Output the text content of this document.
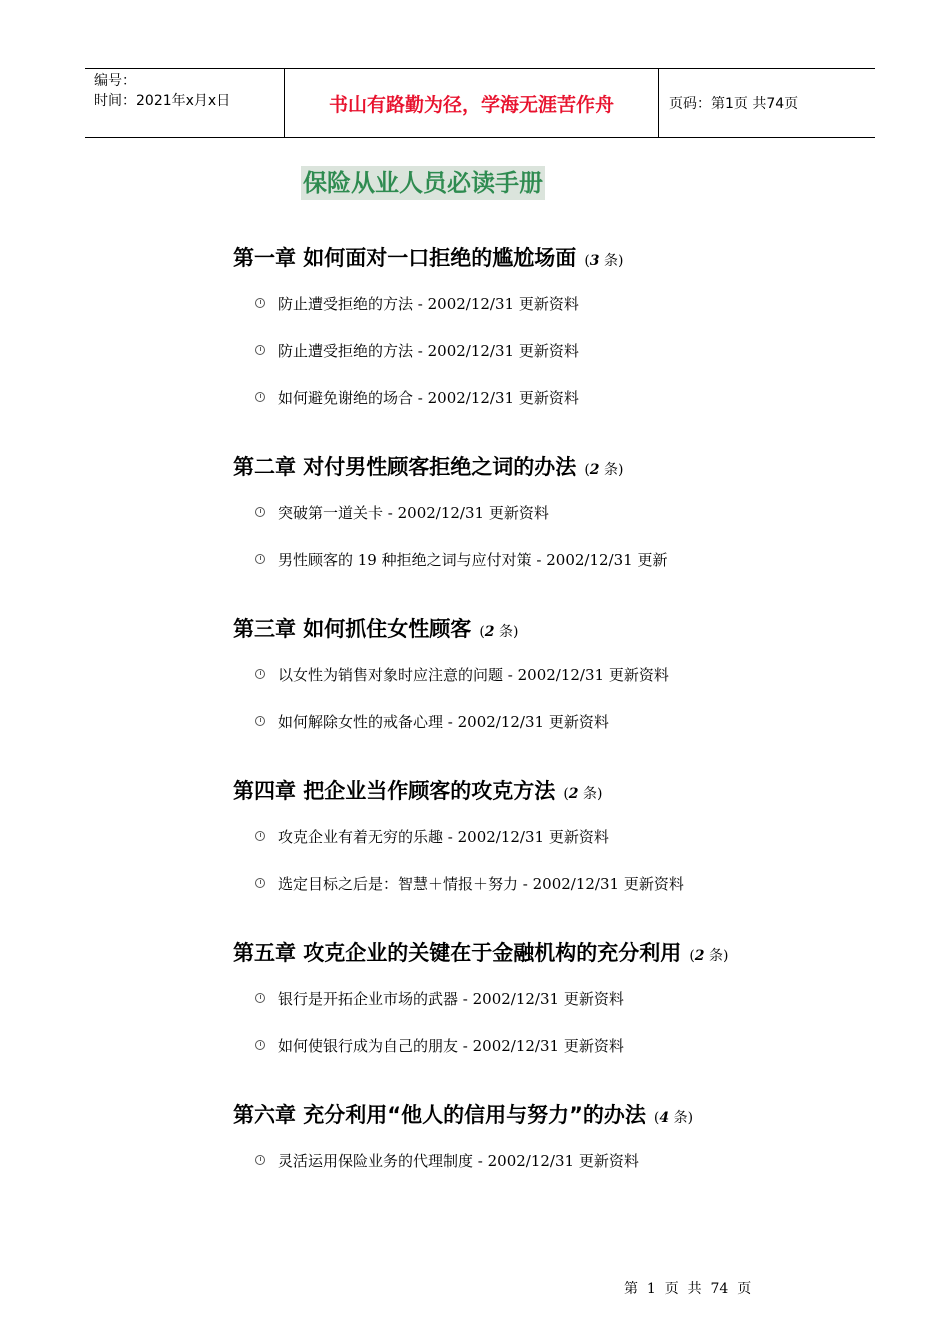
编号：
时间：2021年x月x日	书山有路勤为径，学海无涯苦作舟	页码：第1页 共74页
保险从业人员必读手册
第一章 如何面对一口拒绝的尴尬场面 (3 条)
防止遭受拒绝的方法 - 2002/12/31 更新资料
防止遭受拒绝的方法 - 2002/12/31 更新资料
如何避免谢绝的场合 - 2002/12/31 更新资料
第二章 对付男性顾客拒绝之词的办法 (2 条)
突破第一道关卡 - 2002/12/31 更新资料
男性顾客的 19 种拒绝之词与应付对策 - 2002/12/31 更新
第三章 如何抓住女性顾客 (2 条)
以女性为销售对象时应注意的问题 - 2002/12/31 更新资料
如何解除女性的戒备心理 - 2002/12/31 更新资料
第四章 把企业当作顾客的攻克方法 (2 条)
攻克企业有着无穷的乐趣 - 2002/12/31 更新资料
选定目标之后是：智慧＋情报＋努力 - 2002/12/31 更新资料
第五章 攻克企业的关键在于金融机构的充分利用 (2 条)
银行是开拓企业市场的武器 - 2002/12/31 更新资料
如何使银行成为自己的朋友 - 2002/12/31 更新资料
第六章 充分利用“他人的信用与努力”的办法 (4 条)
灵活运用保险业务的代理制度 - 2002/12/31 更新资料
第  1  页  共  74  页
